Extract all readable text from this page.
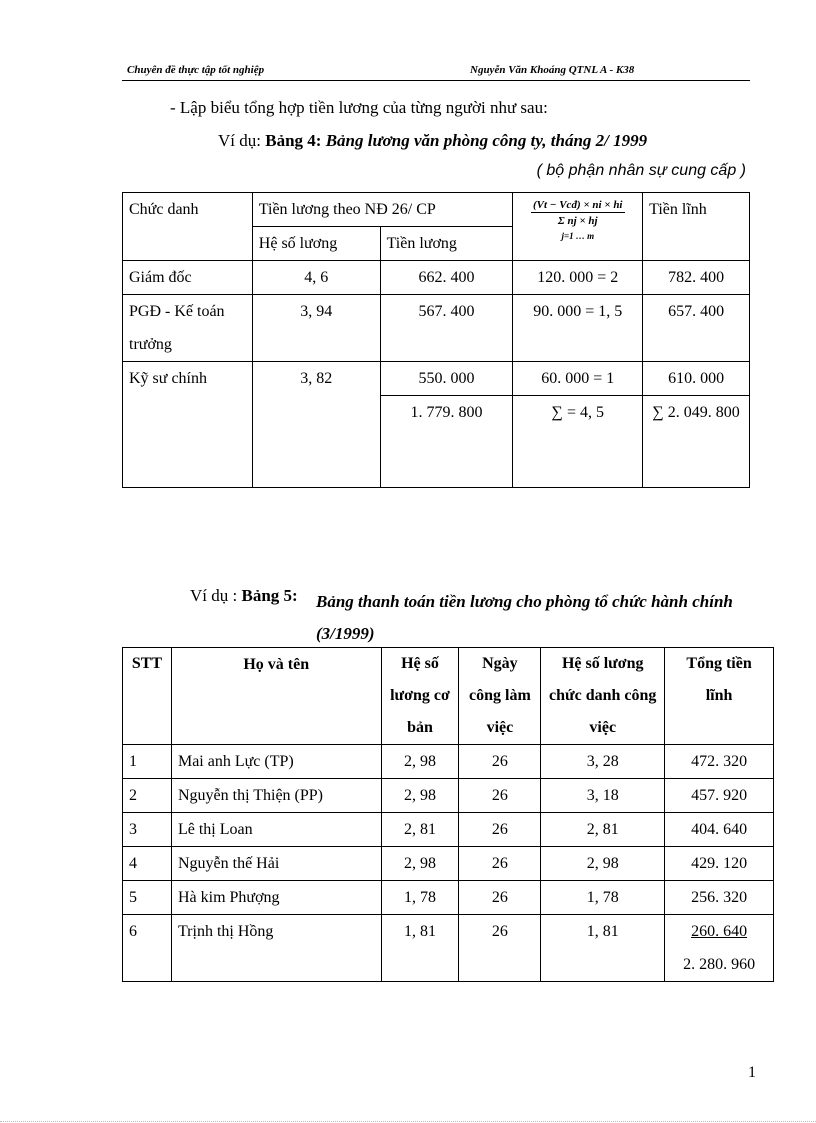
Chuyên đề thực tập tốt nghiệp	Nguyễn Văn Khoáng QTNL A - K38
- Lập biểu tổng hợp tiền lương của từng người như sau:
Ví dụ: Bảng 4: Bảng lương văn phòng công ty, tháng 2/ 1999
( bộ phận nhân sự cung cấp )
Chức danh	Tiền lương theo NĐ 26/ CP		(Vt − Vcđ) × ni × hi
Σ nj × hj
j=1 … m	Tiền lĩnh
	Hệ số lương	Tiền lương		
Giám đốc	4, 6	662. 400	120. 000 = 2	782. 400
PGĐ - Kế toán trưởng	3, 94	567. 400	90. 000 = 1, 5	657. 400
Kỹ sư chính	3, 82	550. 000	60. 000 = 1	610. 000
		1. 779. 800	∑ = 4, 5	∑ 2. 049. 800
Ví dụ : Bảng 5: Bảng thanh toán tiền lương cho phòng tổ chức hành chính (3/1999)
STT	Họ và tên	Hệ số lương cơ bản	Ngày công làm việc	Hệ số lương chức danh công việc	Tổng tiền lĩnh
1	Mai anh Lực (TP)	2, 98	26	3, 28	472. 320
2	Nguyễn thị Thiện (PP)	2, 98	26	3, 18	457. 920
3	Lê thị Loan	2, 81	26	2, 81	404. 640
4	Nguyễn thế Hải	2, 98	26	2, 98	429. 120
5	Hà kim Phượng	1, 78	26	1, 78	256. 320
6	Trịnh thị Hồng	1, 81	26	1, 81	260. 640
2. 280. 960
1
